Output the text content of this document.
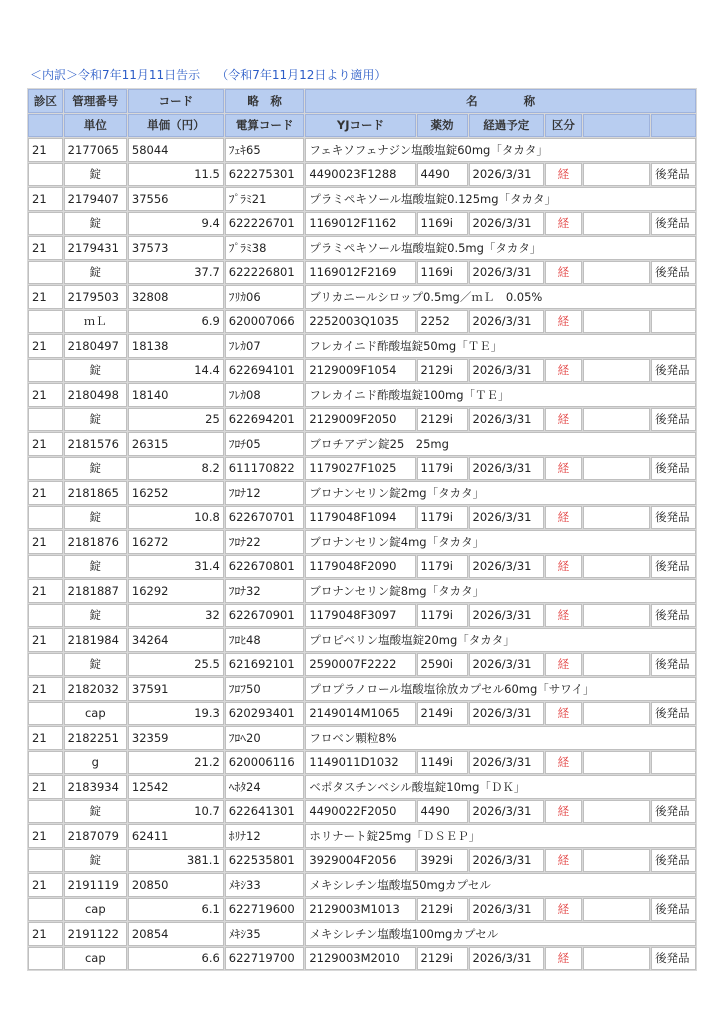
＜内訳＞令和7年11月11日告示 （令和7年11月12日より適用）
診区	管理番号	コード	略　称	名　　　　称					
	単位	単価（円）	電算コード	YJコード	薬効	経過予定	区分		
21	2177065	58044	ﾌｪｷ65	フェキソフェナジン塩酸塩錠60mg「タカタ」					
	錠	11.5	622275301	4490023F1288	4490	2026/3/31	経		後発品
21	2179407	37556	ﾌﾟﾗﾐ21	プラミペキソール塩酸塩錠0.125mg「タカタ」					
	錠	9.4	622226701	1169012F1162	1169i	2026/3/31	経		後発品
21	2179431	37573	ﾌﾟﾗﾐ38	プラミペキソール塩酸塩錠0.5mg「タカタ」					
	錠	37.7	622226801	1169012F2169	1169i	2026/3/31	経		後発品
21	2179503	32808	ﾌﾘｶ06	ブリカニールシロップ0.5mg／ｍＬ　0.05%					
	ｍＬ	6.9	620007066	2252003Q1035	2252	2026/3/31	経		
21	2180497	18138	ﾌﾚｶ07	フレカイニド酢酸塩錠50mg「ＴＥ」					
	錠	14.4	622694101	2129009F1054	2129i	2026/3/31	経		後発品
21	2180498	18140	ﾌﾚｶ08	フレカイニド酢酸塩錠100mg「ＴＥ」					
	錠	25	622694201	2129009F2050	2129i	2026/3/31	経		後発品
21	2181576	26315	ﾌﾛﾁ05	ブロチアデン錠25　25mg					
	錠	8.2	611170822	1179027F1025	1179i	2026/3/31	経		後発品
21	2181865	16252	ﾌﾛﾅ12	ブロナンセリン錠2mg「タカタ」					
	錠	10.8	622670701	1179048F1094	1179i	2026/3/31	経		後発品
21	2181876	16272	ﾌﾛﾅ22	ブロナンセリン錠4mg「タカタ」					
	錠	31.4	622670801	1179048F2090	1179i	2026/3/31	経		後発品
21	2181887	16292	ﾌﾛﾅ32	ブロナンセリン錠8mg「タカタ」					
	錠	32	622670901	1179048F3097	1179i	2026/3/31	経		後発品
21	2181984	34264	ﾌﾛﾋ48	プロピベリン塩酸塩錠20mg「タカタ」					
	錠	25.5	621692101	2590007F2222	2590i	2026/3/31	経		後発品
21	2182032	37591	ﾌﾛﾌ50	プロプラノロール塩酸塩徐放カプセル60mg「サワイ」					
	cap	19.3	620293401	2149014M1065	2149i	2026/3/31	経		後発品
21	2182251	32359	ﾌﾛﾍ20	フロベン顆粒8%					
	g	21.2	620006116	1149011D1032	1149i	2026/3/31	経		
21	2183934	12542	ﾍﾎﾀ24	ベポタスチンベシル酸塩錠10mg「ＤＫ」					
	錠	10.7	622641301	4490022F2050	4490	2026/3/31	経		後発品
21	2187079	62411	ﾎﾘﾅ12	ホリナート錠25mg「ＤＳＥＰ」					
	錠	381.1	622535801	3929004F2056	3929i	2026/3/31	経		後発品
21	2191119	20850	ﾒｷｼ33	メキシレチン塩酸塩50mgカプセル					
	cap	6.1	622719600	2129003M1013	2129i	2026/3/31	経		後発品
21	2191122	20854	ﾒｷｼ35	メキシレチン塩酸塩100mgカプセル					
	cap	6.6	622719700	2129003M2010	2129i	2026/3/31	経		後発品
